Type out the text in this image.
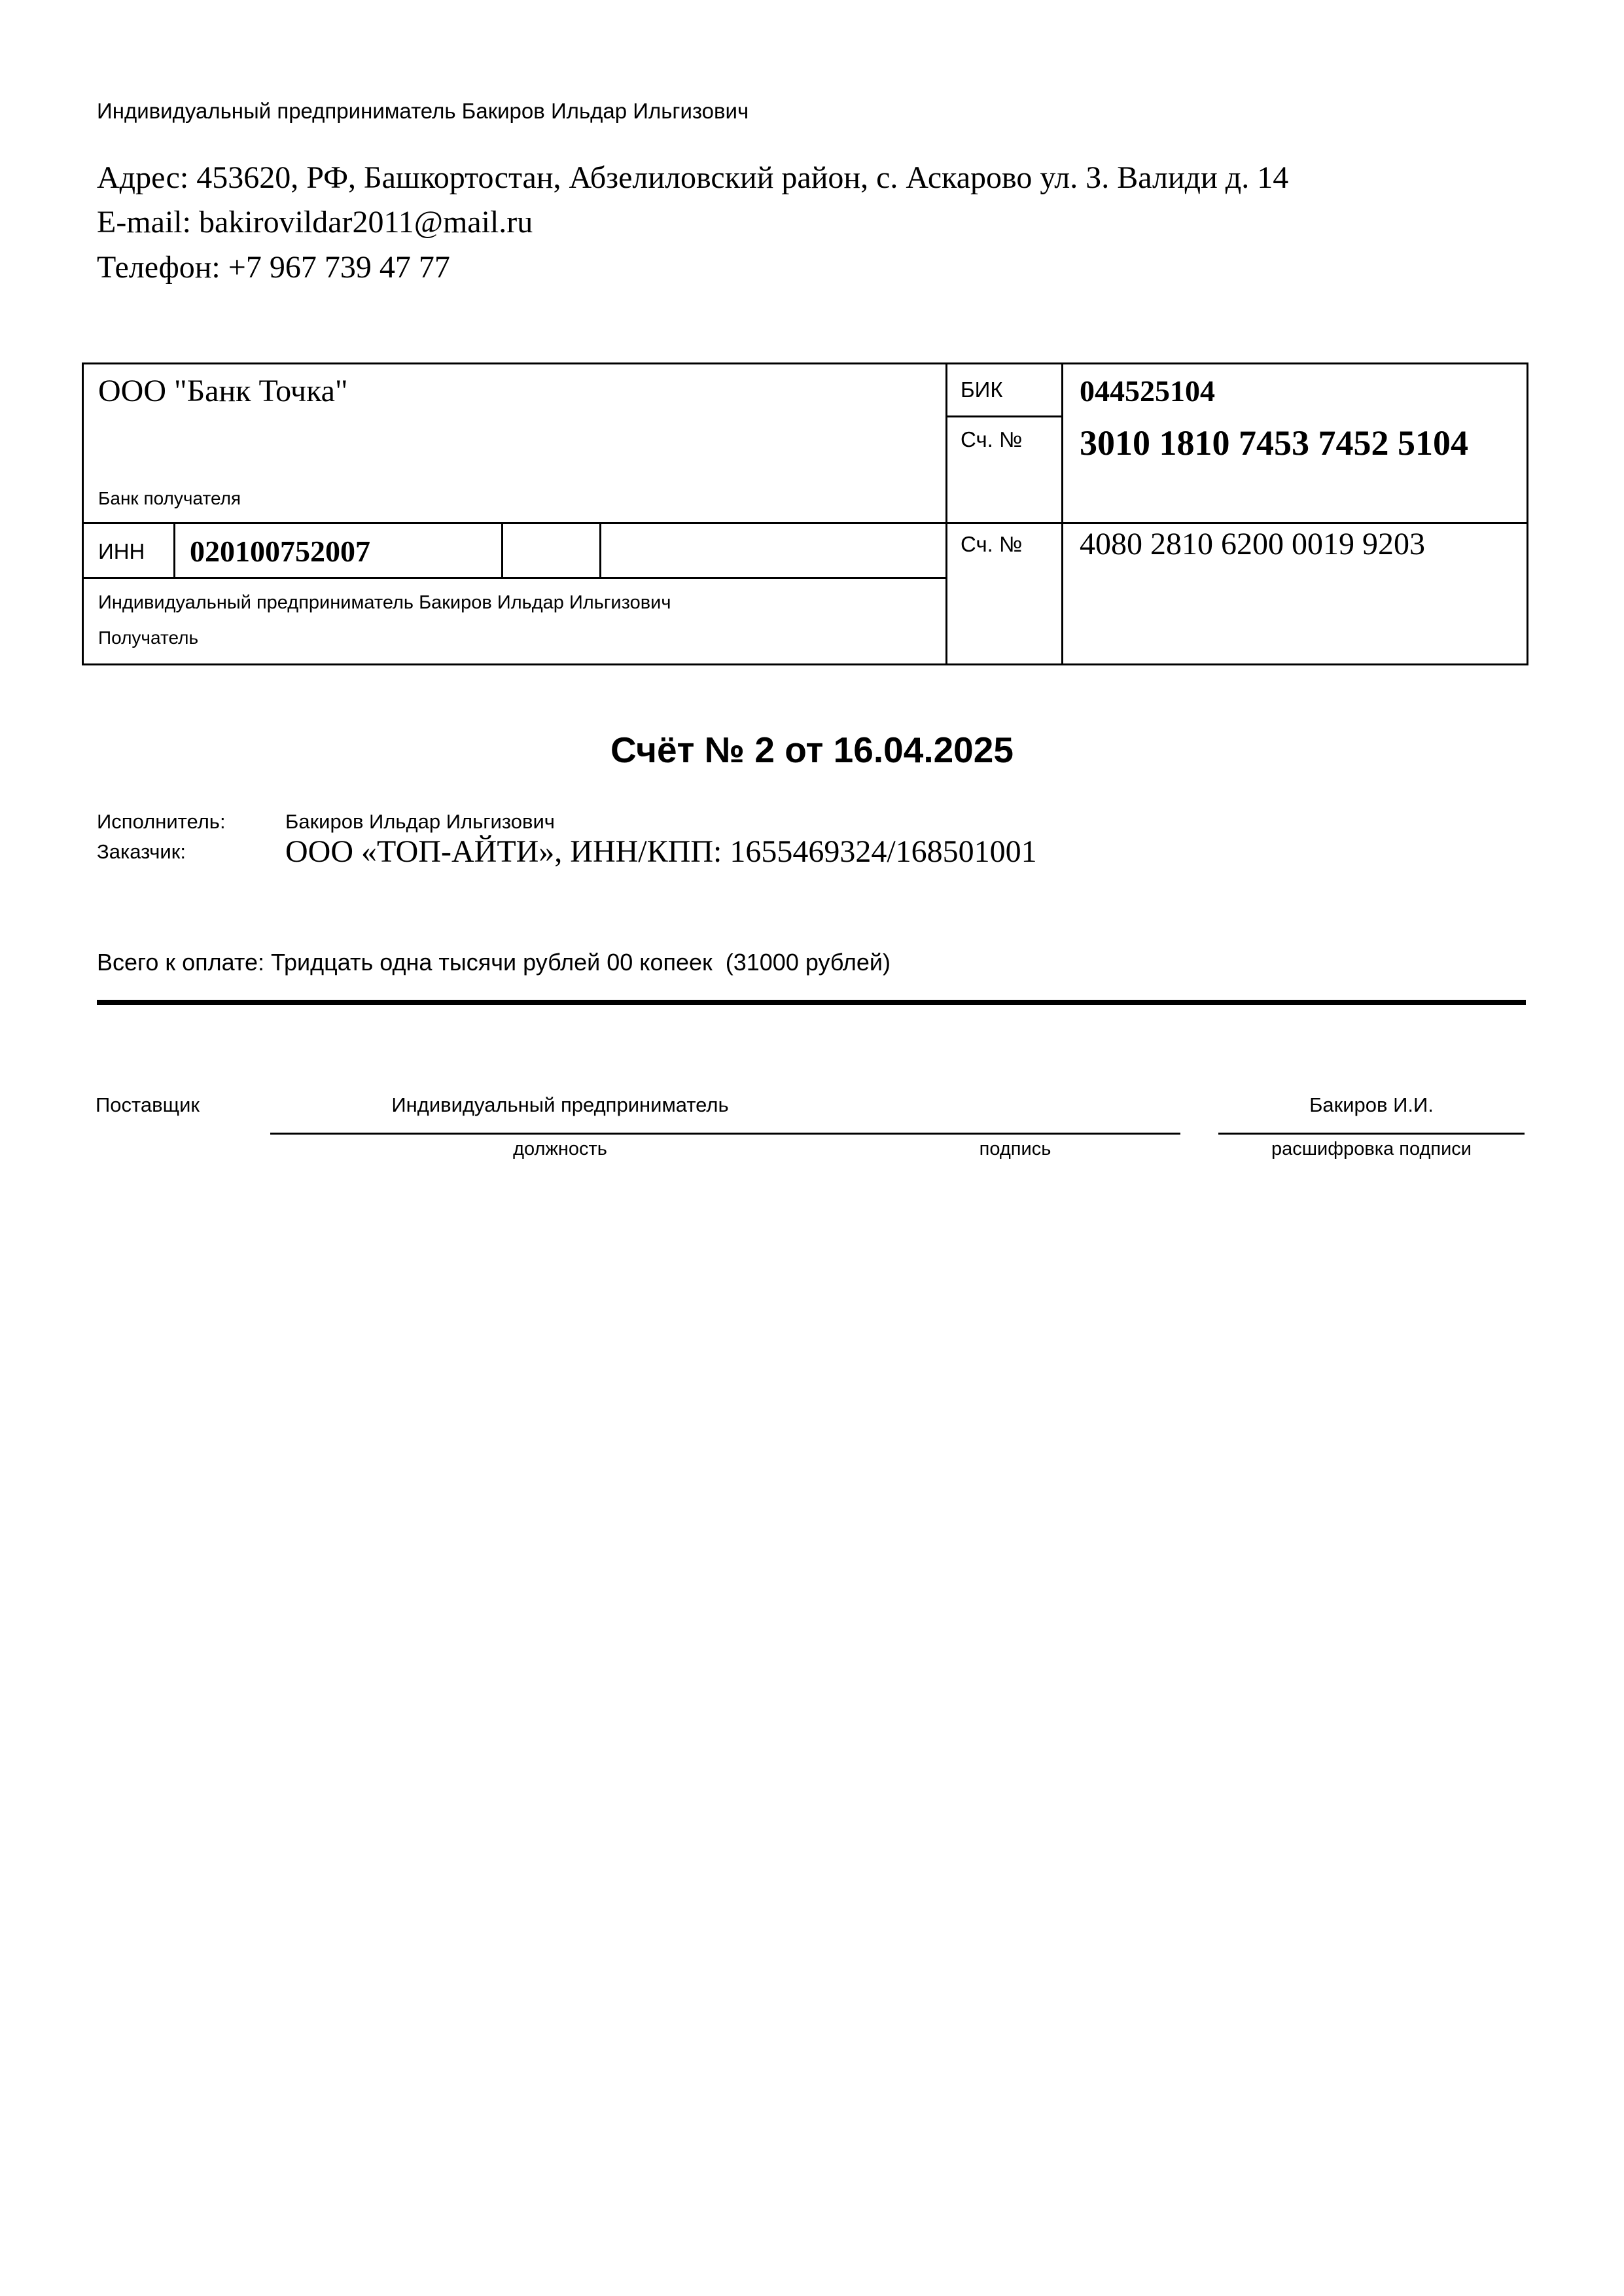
Индивидуальный предприниматель Бакиров Ильдар Ильгизович
Адрес: 453620, РФ, Башкортостан, Абзелиловский район, с. Аскарово ул. З. Валиди д. 14
E-mail: bakirovildar2011@mail.ru
Телефон: +7 967 739 47 77
ООО "Банк Точка"
Банк получателя
БИК	044525104
Сч. № 3010 1810 7453 7452 5104
ИНН 020100752007	Сч. № 4080 2810 6200 0019 9203
Индивидуальный предприниматель Бакиров Ильдар Ильгизович
Получатель
Счёт № 2 от 16.04.2025
Исполнитель:	Бакиров Ильдар Ильгизович
Заказчик:	ООО «ТОП-АЙТИ», ИНН/КПП: 1655469324/168501001
Всего к оплате: Тридцать одна тысячи рублей 00 копеек  (31000 рублей)
Поставщик	Индивидуальный предприниматель	Бакиров И.И.
должность	подпись	расшифровка подписи
